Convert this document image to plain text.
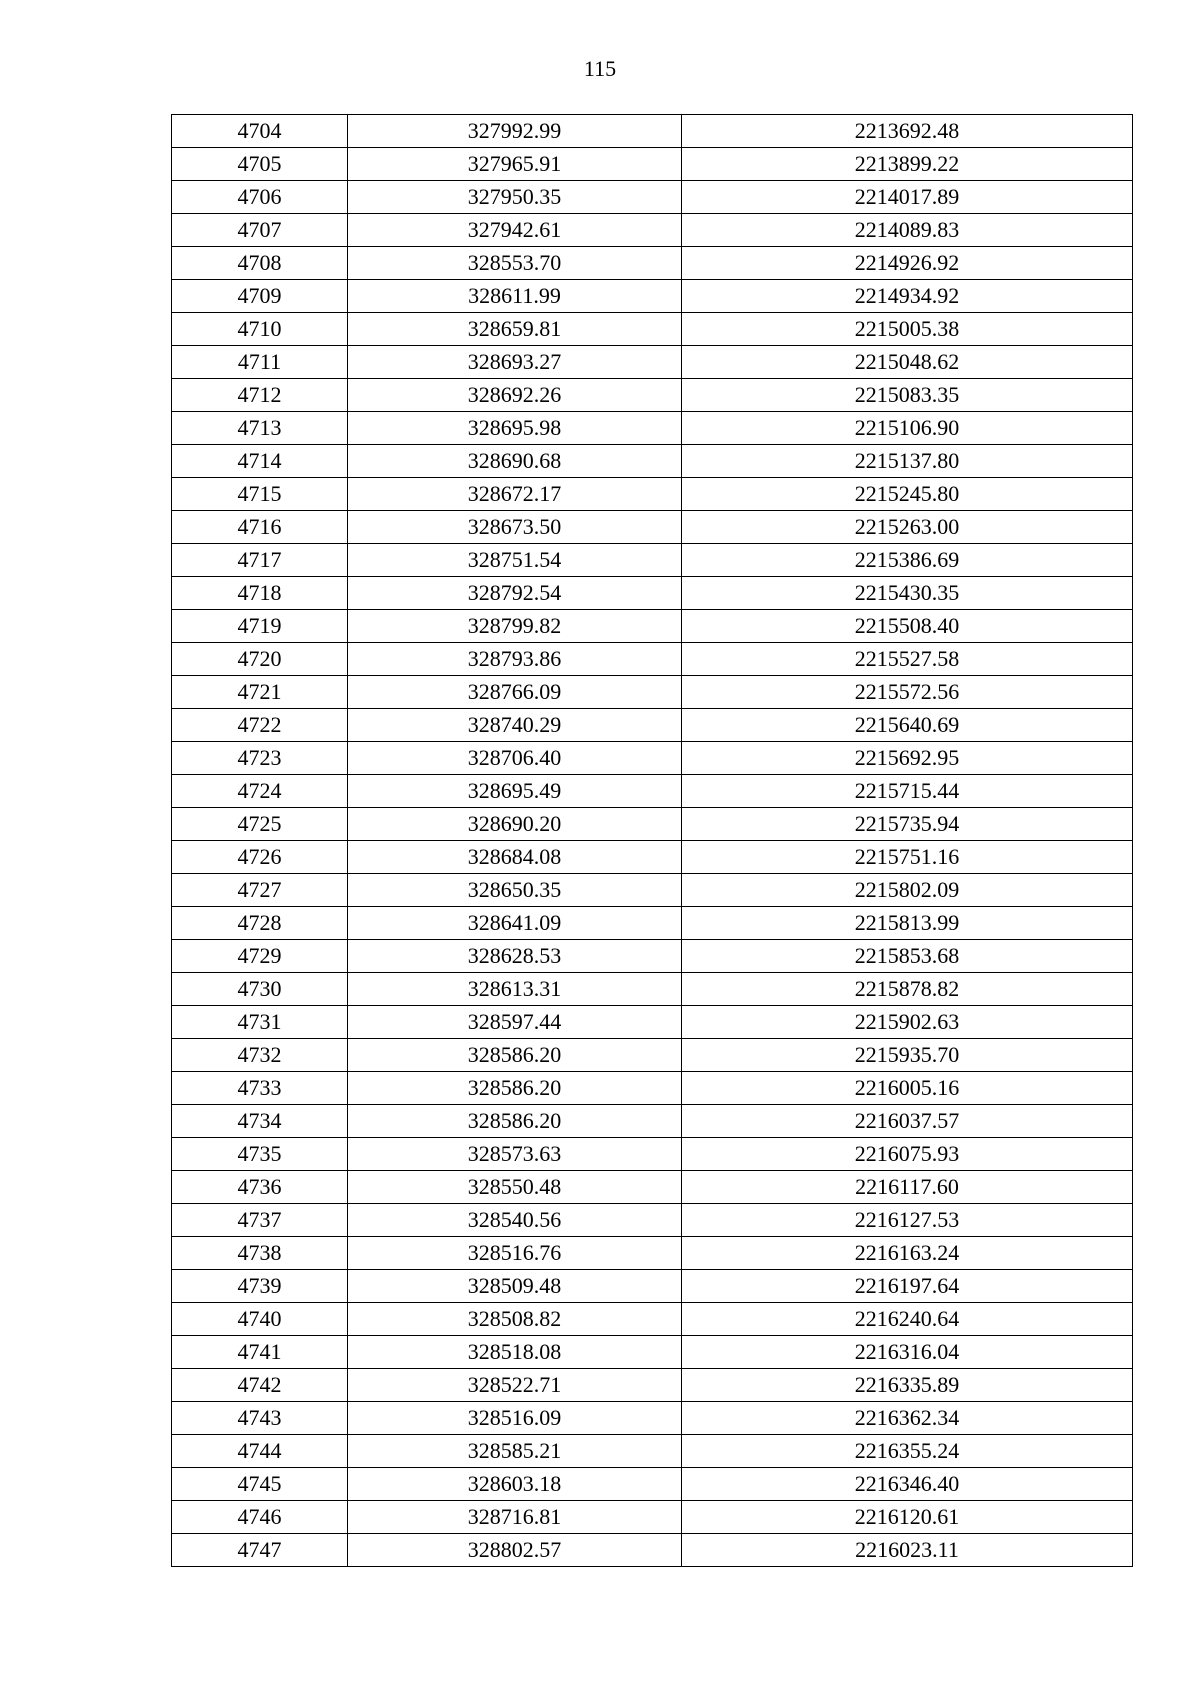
115
4704	327992.99	2213692.48
4705	327965.91	2213899.22
4706	327950.35	2214017.89
4707	327942.61	2214089.83
4708	328553.70	2214926.92
4709	328611.99	2214934.92
4710	328659.81	2215005.38
4711	328693.27	2215048.62
4712	328692.26	2215083.35
4713	328695.98	2215106.90
4714	328690.68	2215137.80
4715	328672.17	2215245.80
4716	328673.50	2215263.00
4717	328751.54	2215386.69
4718	328792.54	2215430.35
4719	328799.82	2215508.40
4720	328793.86	2215527.58
4721	328766.09	2215572.56
4722	328740.29	2215640.69
4723	328706.40	2215692.95
4724	328695.49	2215715.44
4725	328690.20	2215735.94
4726	328684.08	2215751.16
4727	328650.35	2215802.09
4728	328641.09	2215813.99
4729	328628.53	2215853.68
4730	328613.31	2215878.82
4731	328597.44	2215902.63
4732	328586.20	2215935.70
4733	328586.20	2216005.16
4734	328586.20	2216037.57
4735	328573.63	2216075.93
4736	328550.48	2216117.60
4737	328540.56	2216127.53
4738	328516.76	2216163.24
4739	328509.48	2216197.64
4740	328508.82	2216240.64
4741	328518.08	2216316.04
4742	328522.71	2216335.89
4743	328516.09	2216362.34
4744	328585.21	2216355.24
4745	328603.18	2216346.40
4746	328716.81	2216120.61
4747	328802.57	2216023.11
